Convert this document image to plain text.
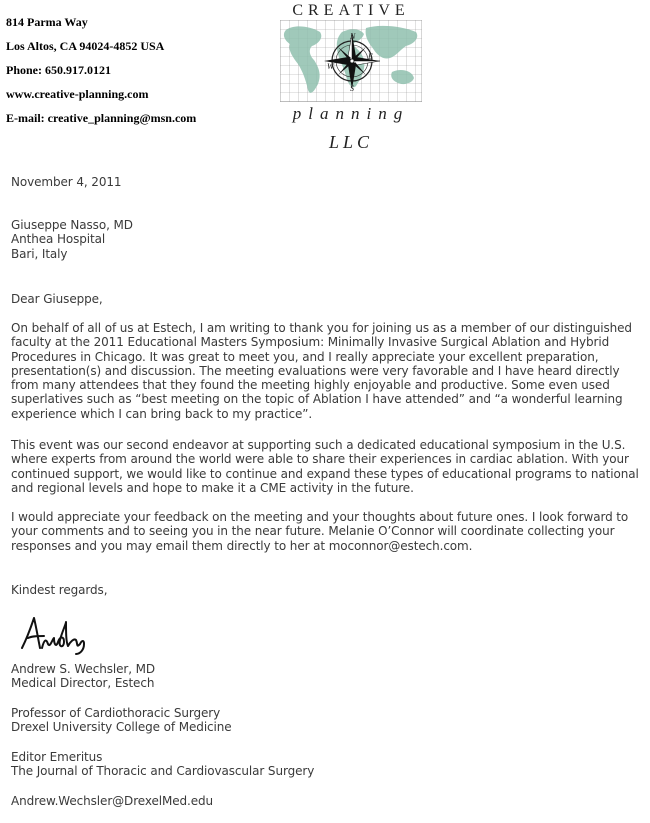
814 Parma Way
Los Altos, CA 94024-4852 USA
Phone: 650.917.0121
www.creative-planning.com
E-mail: creative_planning@msn.com
CREATIVE
N
E
S
W
planning
LLC
November 4, 2011

Giuseppe Nasso, MD

Anthea Hospital

Bari, Italy

Dear Giuseppe,
On behalf of all of us at Estech, I am writing to thank you for joining us as a member of our distinguished faculty at the 2011 Educational Masters Symposium: Minimally Invasive Surgical Ablation and Hybrid Procedures in Chicago. It was great to meet you, and I really appreciate your excellent preparation, presentation(s) and discussion. The meeting evaluations were very favorable and I have heard directly from many attendees that they found the meeting highly enjoyable and productive. Some even used superlatives such as “best meeting on the topic of Ablation I have attended” and “a wonderful learning experience which I can bring back to my practice”.
This event was our second endeavor at supporting such a dedicated educational symposium in the U.S. where experts from around the world were able to share their experiences in cardiac ablation. With your continued support, we would like to continue and expand these types of educational programs to national and regional levels and hope to make it a CME activity in the future.
I would appreciate your feedback on the meeting and your thoughts about future ones. I look forward to your comments and to seeing you in the near future. Melanie O’Connor will coordinate collecting your responses and you may email them directly to her at moconnor@estech.com.
Kindest regards,

Andrew S. Wechsler, MD

Medical Director, Estech

Professor of Cardiothoracic Surgery

Drexel University College of Medicine

Editor Emeritus

The Journal of Thoracic and Cardiovascular Surgery

Andrew.Wechsler@DrexelMed.edu
